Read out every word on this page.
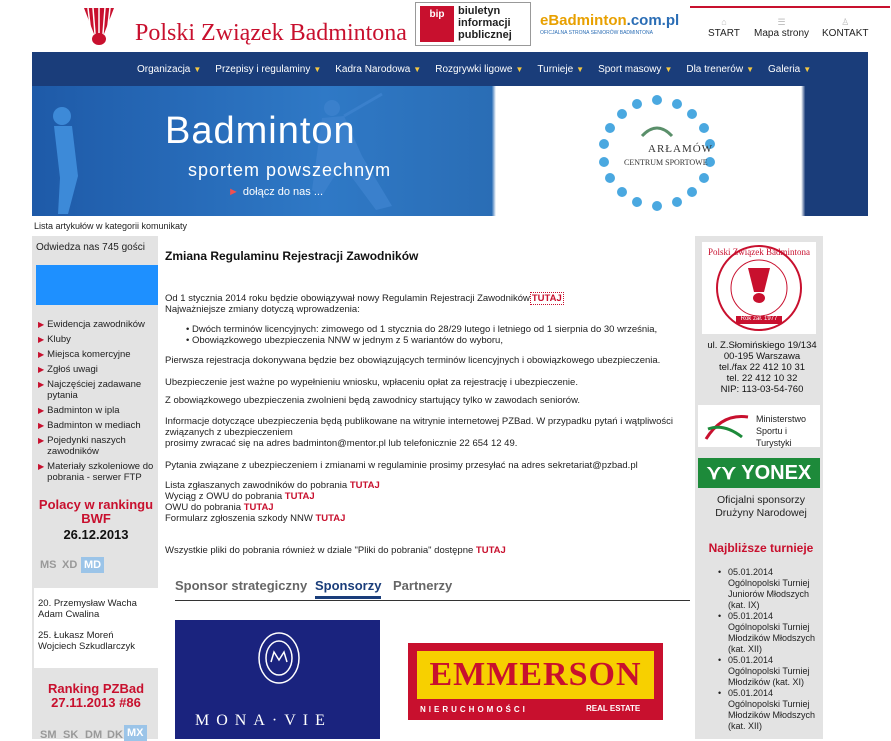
Polski Związek Badmintona
bip	biuletyn
informacji
publicznej
eBadminton.com.pl
OFICJALNA STRONA SENIORÓW BADMINTONA
⌂
START
☰
Mapa strony
♙
KONTAKT
Organizacja ▼ Przepisy i regulaminy ▼ Kadra Narodowa ▼ Rozgrywki ligowe ▼ Turnieje ▼ Sport masowy ▼ Dla trenerów ▼ Galeria ▼
Badminton
sportem powszechnym
► dołącz do nas ...
ARŁAMÓW
CENTRUM SPORTOWE
Lista artykułów w kategorii komunikaty
Odwiedza nas 745 gości
▶ Ewidencja zawodników
▶ Kluby
▶ Miejsca komercyjne
▶ Zgłoś uwagi
▶ Najczęściej zadawane pytania
▶ Badminton w ipla
▶ Badminton w mediach
▶ Pojedynki naszych zawodników
▶ Materiały szkoleniowe do pobrania - serwer FTP
Polacy w rankingu BWF
26.12.2013
MS XD MD
20. Przemysław Wacha
Adam Cwalina
25. Łukasz Moreń
Wojciech Szkudlarczyk
Ranking PZBad
27.11.2013 #86
SM SK DM DK MX
Zmiana Regulaminu Rejestracji Zawodników
Od 1 stycznia 2014 roku będzie obowiązywał nowy Regulamin Rejestracji Zawodników TUTAJ
Najważniejsze zmiany dotyczą wprowadzenia:
• Dwóch terminów licencyjnych: zimowego od 1 stycznia do 28/29 lutego i letniego od 1 sierpnia do 30 września,
• Obowiązkowego ubezpieczenia NNW w jednym z 5 wariantów do wyboru,
Pierwsza rejestracja dokonywana będzie bez obowiązujących terminów licencyjnych i obowiązkowego ubezpieczenia.
Ubezpieczenie jest ważne po wypełnieniu wniosku, wpłaceniu opłat za rejestrację i ubezpieczenie.
Z obowiązkowego ubezpieczenia zwolnieni będą zawodnicy startujący tylko w zawodach seniorów.
Informacje dotyczące ubezpieczenia będą publikowane na witrynie internetowej PZBad. W przypadku pytań i wątpliwości związanych z ubezpieczeniem
prosimy zwracać się na adres badminton@mentor.pl lub telefonicznie 22 654 12 49.
Pytania związane z ubezpieczeniem i zmianami w regulaminie prosimy przesyłać na adres sekretariat@pzbad.pl
Lista zgłaszanych zawodników do pobrania TUTAJ
Wyciąg z OWU do pobrania TUTAJ
OWU do pobrania TUTAJ
Formularz zgłoszenia szkody NNW TUTAJ
Wszystkie pliki do pobrania również w dziale "Pliki do pobrania" dostępne TUTAJ
Sponsor strategiczny Sponsorzy Partnerzy
MONA·VIE
EMMERSON
NIERUCHOMOŚCI	REAL ESTATE
Polski Związek Badmintona
Rok zał. 1977
ul. Z.Słomińskiego 19/134
00-195 Warszawa
tel./fax 22 412 10 31
tel. 22 412 10 32
NIP: 113-03-54-760
Ministerstwo
Sportu i Turystyki
⋎⋎ YONEX
Oficjalni sponsorzy
Drużyny Narodowej
Najbliższe turnieje
• 05.01.2014
Ogólnopolski Turniej Juniorów Młodszych (kat. IX)
• 05.01.2014
Ogólnopolski Turniej Młodzików Młodszych (kat. XII)
• 05.01.2014
Ogólnopolski Turniej Młodzików (kat. XI)
• 05.01.2014
Ogólnopolski Turniej Młodzików Młodszych (kat. XII)
